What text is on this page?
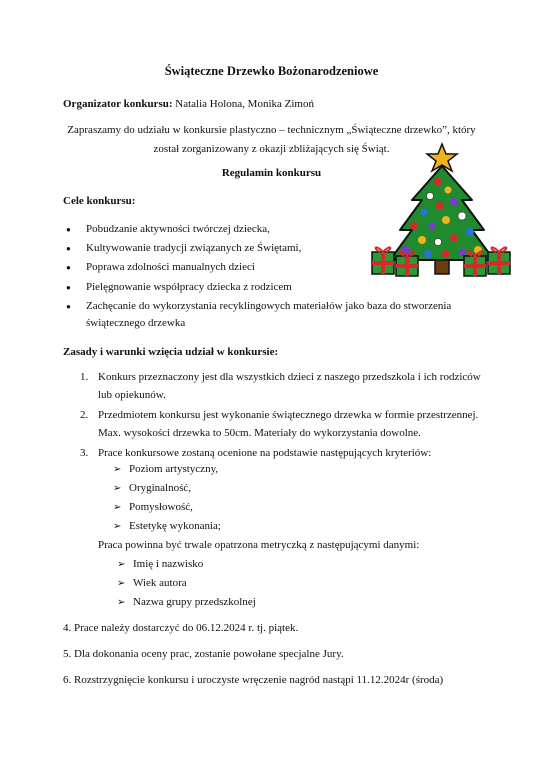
Świąteczne Drzewko Bożonarodzeniowe
Organizator konkursu: Natalia Holona, Monika Zimoń
Zapraszamy do udziału w konkursie plastyczno – technicznym „Świąteczne drzewko”, który
został zorganizowany z okazji zbliżających się Świąt.
Regulamin konkursu
Cele konkursu:
● Pobudzanie aktywności twórczej dziecka,
● Kultywowanie tradycji związanych ze Świętami,
● Poprawa zdolności manualnych dzieci
● Pielęgnowanie współpracy dziecka z rodzicem
● Zachęcanie do wykorzystania recyklingowych materiałów jako baza do stworzenia
świątecznego drzewka
Zasady i warunki wzięcia udział w konkursie:
1. Konkurs przeznaczony jest dla wszystkich dzieci z naszego przedszkola i ich rodziców
lub opiekunów.
2. Przedmiotem konkursu jest wykonanie świątecznego drzewka w formie przestrzennej.
Max. wysokości drzewka to 50cm. Materiały do wykorzystania dowolne.
3. Prace konkursowe zostaną ocenione na podstawie następujących kryteriów:
➢ Poziom artystyczny,
➢ Oryginalność,
➢ Pomysłowość,
➢ Estetykę wykonania;
Praca powinna być trwale opatrzona metryczką z następującymi danymi:
➢ Imię i nazwisko
➢ Wiek autora
➢ Nazwa grupy przedszkolnej
4. Prace należy dostarczyć do 06.12.2024 r. tj. piątek.
5. Dla dokonania oceny prac, zostanie powołane specjalne Jury.
6. Rozstrzygnięcie konkursu i uroczyste wręczenie nagród nastąpi 11.12.2024r (środa)
